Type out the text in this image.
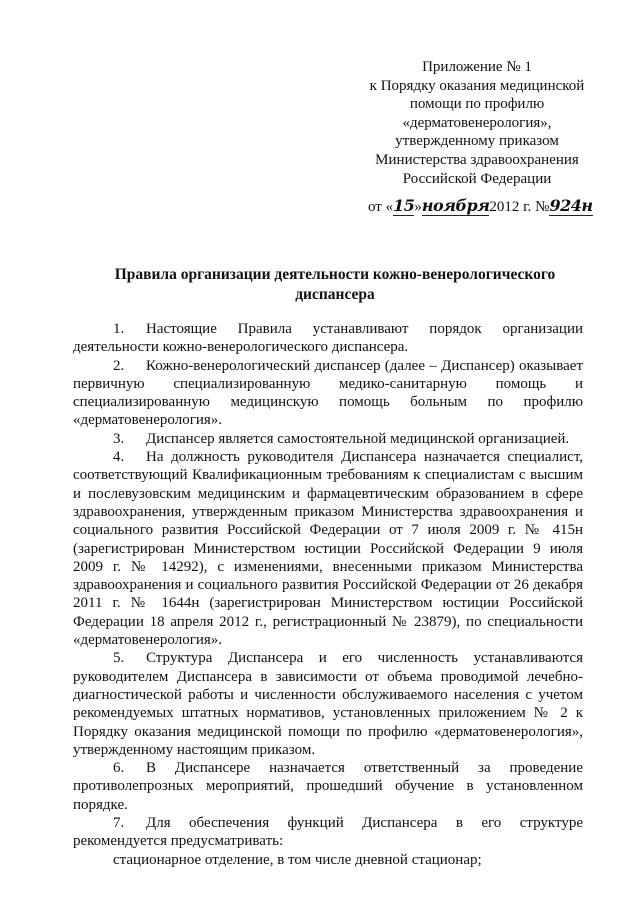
Приложение № 1
к Порядку оказания медицинской
помощи по профилю
«дерматовенерология»,
утвержденному приказом
Министерства здравоохранения
Российской Федерации
от «15»ноября2012 г. №924н
Правила организации деятельности кожно-венерологического
диспансера

1. Настоящие Правила устанавливают порядок организации деятельности кожно-венерологического диспансера.

2. Кожно-венерологический диспансер (далее – Диспансер) оказывает первичную специализированную медико-санитарную помощь и специализированную медицинскую помощь больным по профилю «дерматовенерология».

3. Диспансер является самостоятельной медицинской организацией.

4. На должность руководителя Диспансера назначается специалист, соответствующий Квалификационным требованиям к специалистам с высшим и послевузовским медицинским и фармацевтическим образованием в сфере здравоохранения, утвержденным приказом Министерства здравоохранения и социального развития Российской Федерации от 7 июля 2009 г. № 415н (зарегистрирован Министерством юстиции Российской Федерации 9 июля 2009 г. № 14292), с изменениями, внесенными приказом Министерства здравоохранения и социального развития Российской Федерации от 26 декабря 2011 г. № 1644н (зарегистрирован Министерством юстиции Российской Федерации 18 апреля 2012 г., регистрационный № 23879), по специальности «дерматовенерология».

5. Структура Диспансера и его численность устанавливаются руководителем Диспансера в зависимости от объема проводимой лечебно-диагностической работы и численности обслуживаемого населения с учетом рекомендуемых штатных нормативов, установленных приложением № 2 к Порядку оказания медицинской помощи по профилю «дерматовенерология», утвержденному настоящим приказом.

6. В Диспансере назначается ответственный за проведение противолепрозных мероприятий, прошедший обучение в установленном порядке.

7. Для обеспечения функций Диспансера в его структуре рекомендуется предусматривать:

стационарное отделение, в том числе дневной стационар;
